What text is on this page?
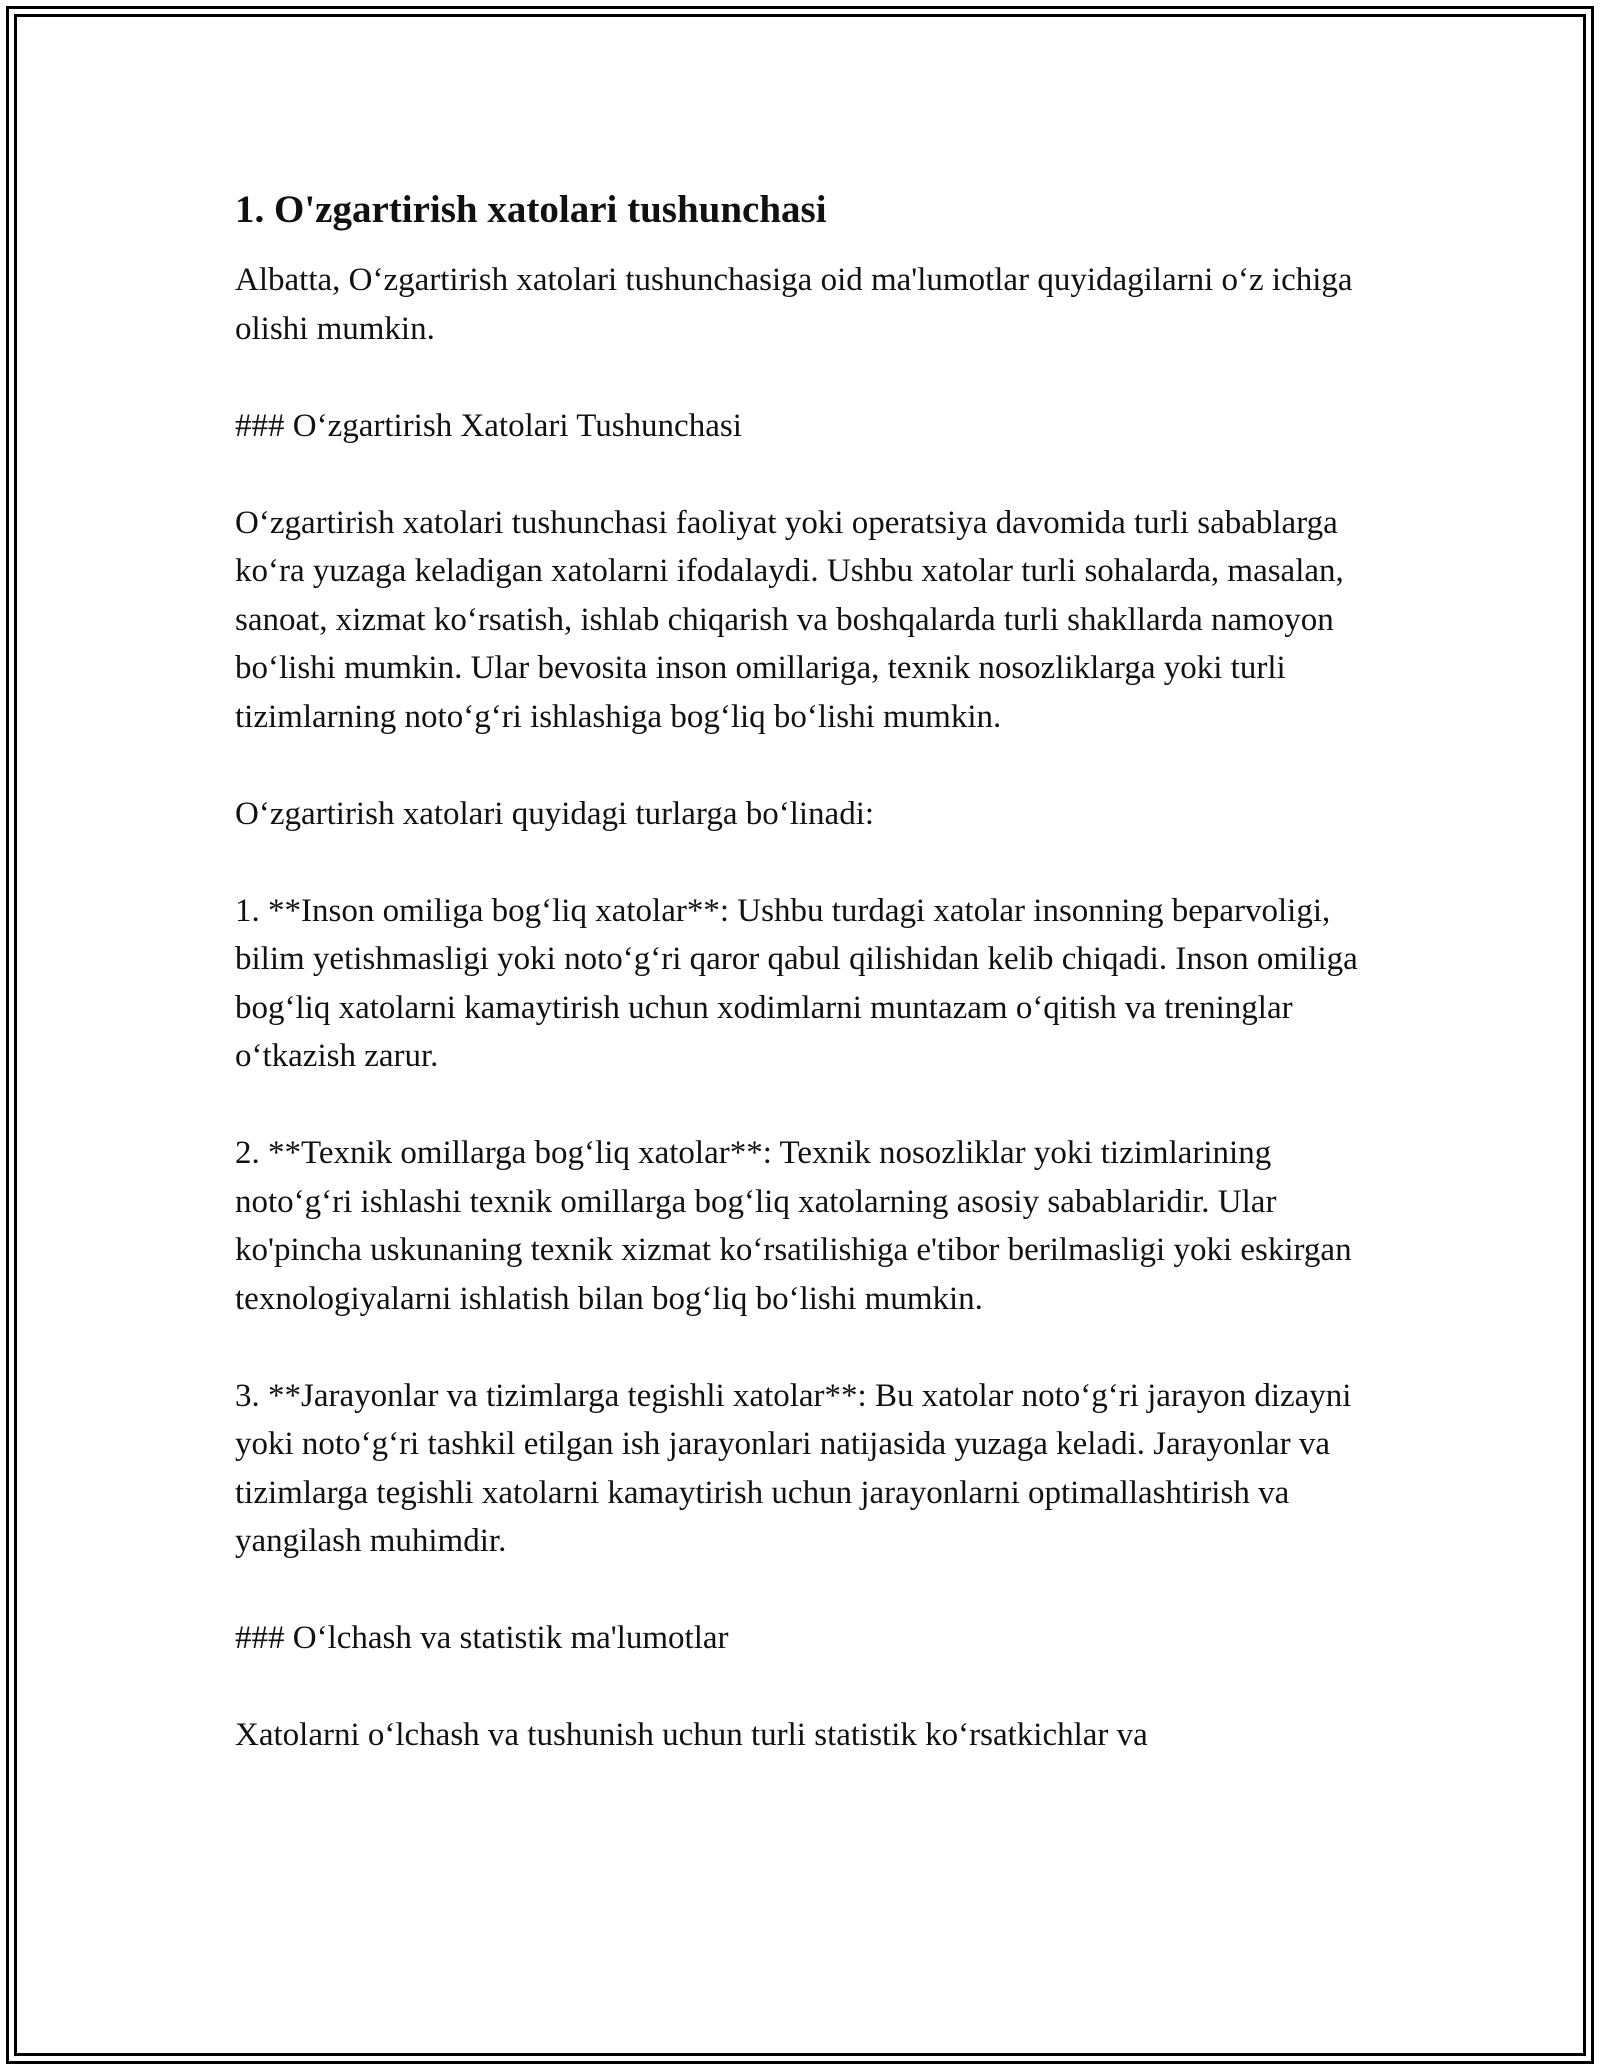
1. O'zgartirish xatolari tushunchasi

Albatta, O‘zgartirish xatolari tushunchasiga oid ma'lumotlar quyidagilarni o‘z ichiga olishi mumkin.

### O‘zgartirish Xatolari Tushunchasi

O‘zgartirish xatolari tushunchasi faoliyat yoki operatsiya davomida turli sabablarga ko‘ra yuzaga keladigan xatolarni ifodalaydi. Ushbu xatolar turli sohalarda, masalan, sanoat, xizmat ko‘rsatish, ishlab chiqarish va boshqalarda turli shakllarda namoyon bo‘lishi mumkin. Ular bevosita inson omillariga, texnik nosozliklarga yoki turli tizimlarning noto‘g‘ri ishlashiga bog‘liq bo‘lishi mumkin.

O‘zgartirish xatolari quyidagi turlarga bo‘linadi:

1. **Inson omiliga bog‘liq xatolar**: Ushbu turdagi xatolar insonning beparvoligi, bilim yetishmasligi yoki noto‘g‘ri qaror qabul qilishidan kelib chiqadi. Inson omiliga bog‘liq xatolarni kamaytirish uchun xodimlarni muntazam o‘qitish va treninglar o‘tkazish zarur.

2. **Texnik omillarga bog‘liq xatolar**: Texnik nosozliklar yoki tizimlarining noto‘g‘ri ishlashi texnik omillarga bog‘liq xatolarning asosiy sabablaridir. Ular ko'pincha uskunaning texnik xizmat ko‘rsatilishiga e'tibor berilmasligi yoki eskirgan texnologiyalarni ishlatish bilan bog‘liq bo‘lishi mumkin.

3. **Jarayonlar va tizimlarga tegishli xatolar**: Bu xatolar noto‘g‘ri jarayon dizayni yoki noto‘g‘ri tashkil etilgan ish jarayonlari natijasida yuzaga keladi. Jarayonlar va tizimlarga tegishli xatolarni kamaytirish uchun jarayonlarni optimallashtirish va yangilash muhimdir.

### O‘lchash va statistik ma'lumotlar

Xatolarni o‘lchash va tushunish uchun turli statistik ko‘rsatkichlar va
